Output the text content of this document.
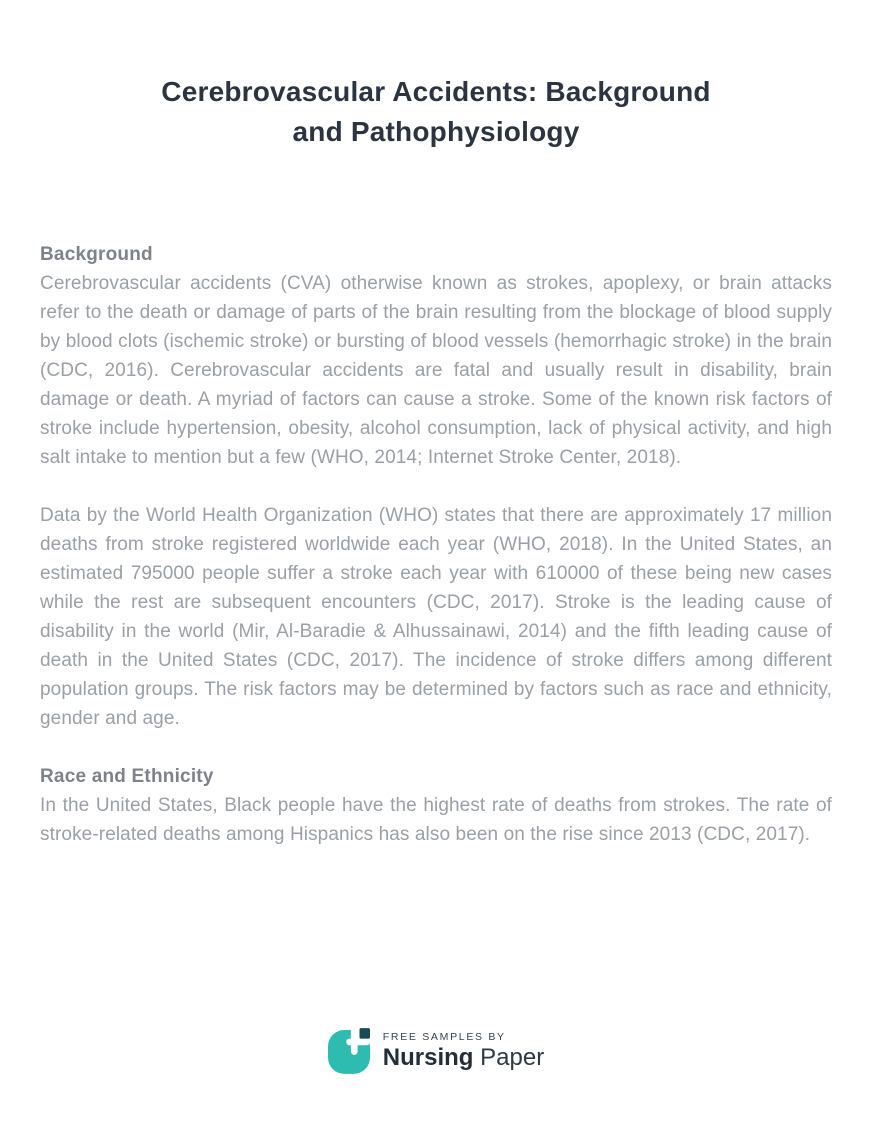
Cerebrovascular Accidents: Background
and Pathophysiology
Background

Cerebrovascular accidents (CVA) otherwise known as strokes, apoplexy, or brain attacks refer to the death or damage of parts of the brain resulting from the blockage of blood supply by blood clots (ischemic stroke) or bursting of blood vessels (hemorrhagic stroke) in the brain (CDC, 2016). Cerebrovascular accidents are fatal and usually result in disability, brain damage or death. A myriad of factors can cause a stroke. Some of the known risk factors of stroke include hypertension, obesity, alcohol consumption, lack of physical activity, and high salt intake to mention but a few (WHO, 2014; Internet Stroke Center, 2018).

Data by the World Health Organization (WHO) states that there are approximately 17 million deaths from stroke registered worldwide each year (WHO, 2018). In the United States, an estimated 795000 people suffer a stroke each year with 610000 of these being new cases while the rest are subsequent encounters (CDC, 2017). Stroke is the leading cause of disability in the world (Mir, Al-Baradie & Alhussainawi, 2014) and the fifth leading cause of death in the United States (CDC, 2017). The incidence of stroke differs among different population groups. The risk factors may be determined by factors such as race and ethnicity, gender and age.

Race and Ethnicity

In the United States, Black people have the highest rate of deaths from strokes. The rate of stroke-related deaths among Hispanics has also been on the rise since 2013 (CDC, 2017).

FREE SAMPLES BY
Nursing Paper
